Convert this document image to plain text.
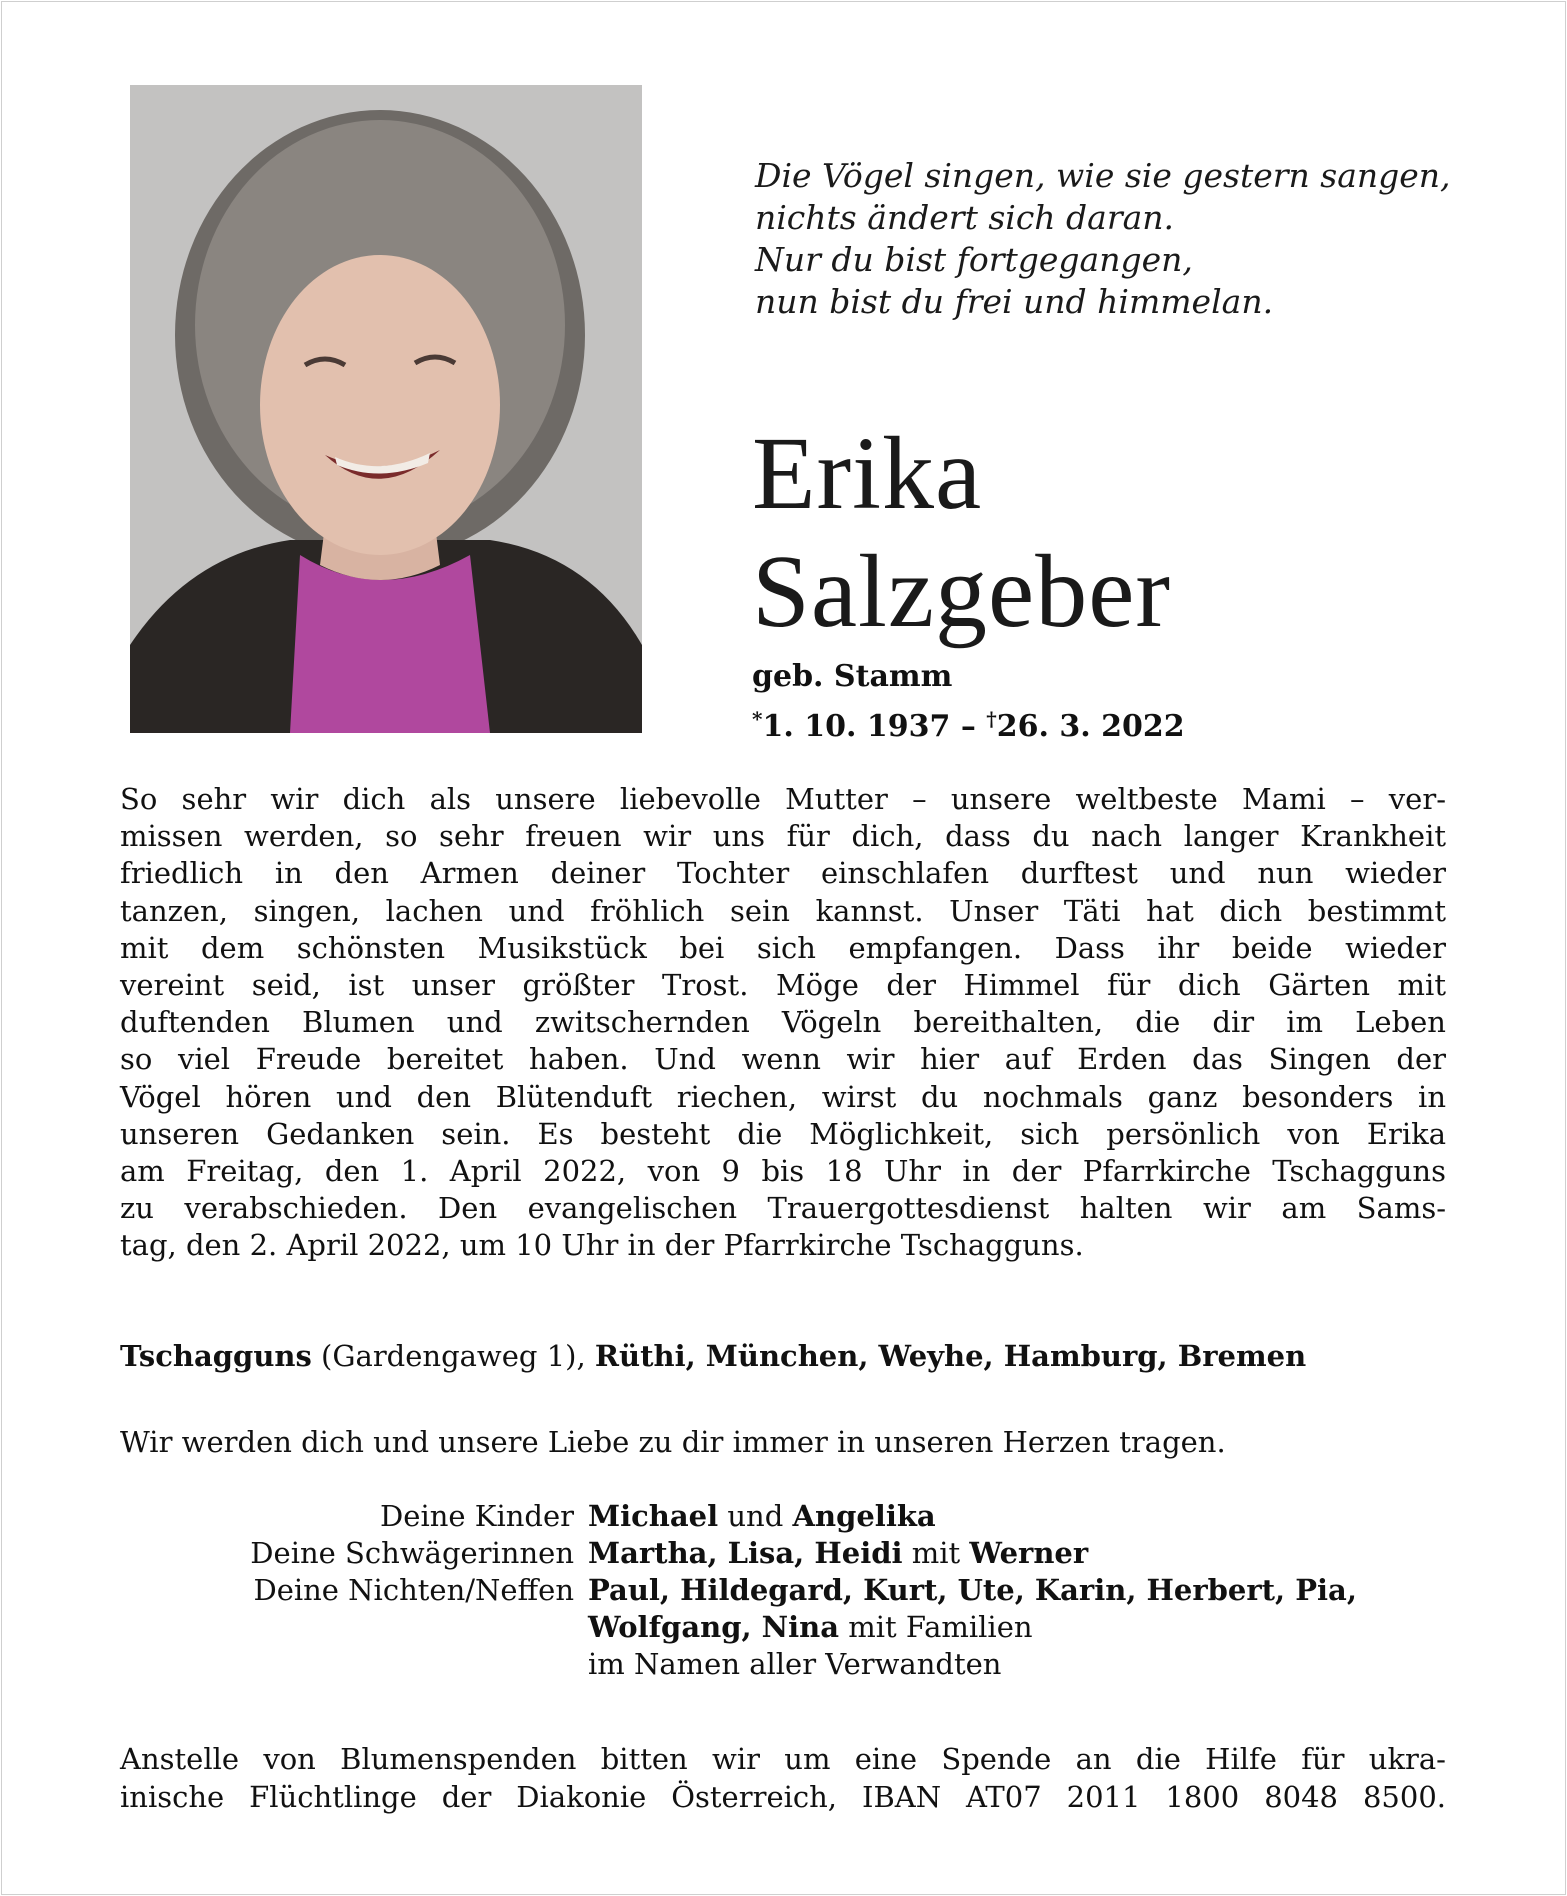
Die Vögel singen, wie sie gestern sangen,
nichts ändert sich daran.
Nur du bist fortgegangen,
nun bist du frei und himmelan.
Erika
Salzgeber
geb. Stamm
*1. 10. 1937 – †26. 3. 2022
So sehr wir dich als unsere liebevolle Mutter – unsere weltbeste Mami – ver-
missen werden, so sehr freuen wir uns für dich, dass du nach langer Krankheit
friedlich in den Armen deiner Tochter einschlafen durftest und nun wieder
tanzen, singen, lachen und fröhlich sein kannst. Unser Täti hat dich bestimmt
mit dem schönsten Musikstück bei sich empfangen. Dass ihr beide wieder
vereint seid, ist unser größter Trost. Möge der Himmel für dich Gärten mit
duftenden Blumen und zwitschernden Vögeln bereithalten, die dir im Leben
so viel Freude bereitet haben. Und wenn wir hier auf Erden das Singen der
Vögel hören und den Blütenduft riechen, wirst du nochmals ganz besonders in
unseren Gedanken sein. Es besteht die Möglichkeit, sich persönlich von Erika
am Freitag, den 1. April 2022, von 9 bis 18 Uhr in der Pfarrkirche Tschagguns
zu verabschieden. Den evangelischen Trauergottesdienst halten wir am Sams-
tag, den 2. April 2022, um 10 Uhr in der Pfarrkirche Tschagguns.
Tschagguns (Gardengaweg 1), Rüthi, München, Weyhe, Hamburg, Bremen
Wir werden dich und unsere Liebe zu dir immer in unseren Herzen tragen.
Deine Kinder Michael und Angelika
Deine Schwägerinnen Martha, Lisa, Heidi mit Werner
Deine Nichten/Neffen Paul, Hildegard, Kurt, Ute, Karin, Herbert, Pia,
Wolfgang, Nina mit Familien
im Namen aller Verwandten
Anstelle von Blumenspenden bitten wir um eine Spende an die Hilfe für ukra-
inische Flüchtlinge der Diakonie Österreich, IBAN AT07 2011 1800 8048 8500.
